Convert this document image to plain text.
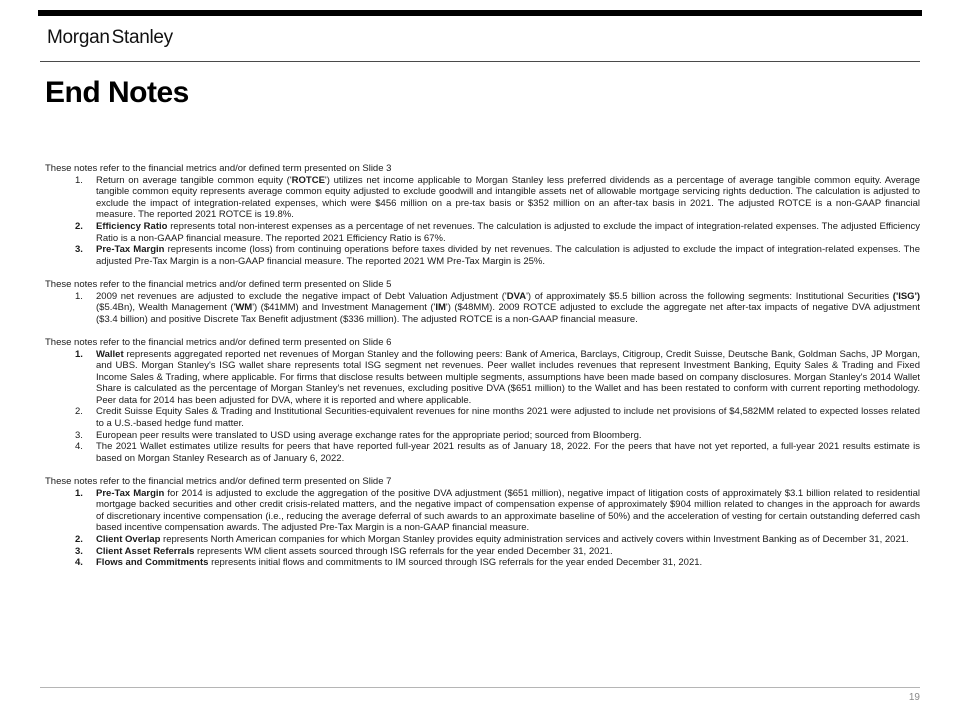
Morgan Stanley
End Notes

These notes refer to the financial metrics and/or defined term presented on Slide 3

1.	Return on average tangible common equity ('ROTCE') utilizes net income applicable to Morgan Stanley less preferred dividends as a percentage of average tangible common equity. Average tangible common equity represents average common equity adjusted to exclude goodwill and intangible assets net of allowable mortgage servicing rights deduction. The calculation is adjusted to exclude the impact of integration-related expenses, which were $456 million on a pre-tax basis or $352 million on an after-tax basis in 2021. The adjusted ROTCE is a non-GAAP financial measure. The reported 2021 ROTCE is 19.8%.
2.	Efficiency Ratio represents total non-interest expenses as a percentage of net revenues. The calculation is adjusted to exclude the impact of integration-related expenses. The adjusted Efficiency Ratio is a non-GAAP financial measure. The reported 2021 Efficiency Ratio is 67%.
3.	Pre-Tax Margin represents income (loss) from continuing operations before taxes divided by net revenues. The calculation is adjusted to exclude the impact of integration-related expenses. The adjusted Pre-Tax Margin is a non-GAAP financial measure. The reported 2021 WM Pre-Tax Margin is 25%.

These notes refer to the financial metrics and/or defined term presented on Slide 5

1.	2009 net revenues are adjusted to exclude the negative impact of Debt Valuation Adjustment ('DVA') of approximately $5.5 billion across the following segments: Institutional Securities ('ISG') ($5.4Bn), Wealth Management ('WM') ($41MM) and Investment Management ('IM') ($48MM). 2009 ROTCE adjusted to exclude the aggregate net after-tax impacts of negative DVA adjustment ($3.4 billion) and positive Discrete Tax Benefit adjustment ($336 million). The adjusted ROTCE is a non-GAAP financial measure.

These notes refer to the financial metrics and/or defined term presented on Slide 6

1.	Wallet represents aggregated reported net revenues of Morgan Stanley and the following peers: Bank of America, Barclays, Citigroup, Credit Suisse, Deutsche Bank, Goldman Sachs, JP Morgan, and UBS. Morgan Stanley's ISG wallet share represents total ISG segment net revenues. Peer wallet includes revenues that represent Investment Banking, Equity Sales & Trading and Fixed Income Sales & Trading, where applicable. For firms that disclose results between multiple segments, assumptions have been made based on company disclosures. Morgan Stanley's 2014 Wallet Share is calculated as the percentage of Morgan Stanley's net revenues, excluding positive DVA ($651 million) to the Wallet and has been restated to conform with current reporting methodology. Peer data for 2014 has been adjusted for DVA, where it is reported and where applicable.
2.	Credit Suisse Equity Sales & Trading and Institutional Securities-equivalent revenues for nine months 2021 were adjusted to include net provisions of $4,582MM related to expected losses related to a U.S.-based hedge fund matter.
3.	European peer results were translated to USD using average exchange rates for the appropriate period; sourced from Bloomberg.
4.	The 2021 Wallet estimates utilize results for peers that have reported full-year 2021 results as of January 18, 2022. For the peers that have not yet reported, a full-year 2021 results estimate is based on Morgan Stanley Research as of January 6, 2022.

These notes refer to the financial metrics and/or defined term presented on Slide 7

1.	Pre-Tax Margin for 2014 is adjusted to exclude the aggregation of the positive DVA adjustment ($651 million), negative impact of litigation costs of approximately $3.1 billion related to residential mortgage backed securities and other credit crisis-related matters, and the negative impact of compensation expense of approximately $904 million related to changes in the approach for awards of discretionary incentive compensation (i.e., reducing the average deferral of such awards to an approximate baseline of 50%) and the acceleration of vesting for certain outstanding deferred cash based incentive compensation awards. The adjusted Pre-Tax Margin is a non-GAAP financial measure.
2.	Client Overlap represents North American companies for which Morgan Stanley provides equity administration services and actively covers within Investment Banking as of December 31, 2021.
3.	Client Asset Referrals represents WM client assets sourced through ISG referrals for the year ended December 31, 2021.
4.	Flows and Commitments represents initial flows and commitments to IM sourced through ISG referrals for the year ended December 31, 2021.
19
